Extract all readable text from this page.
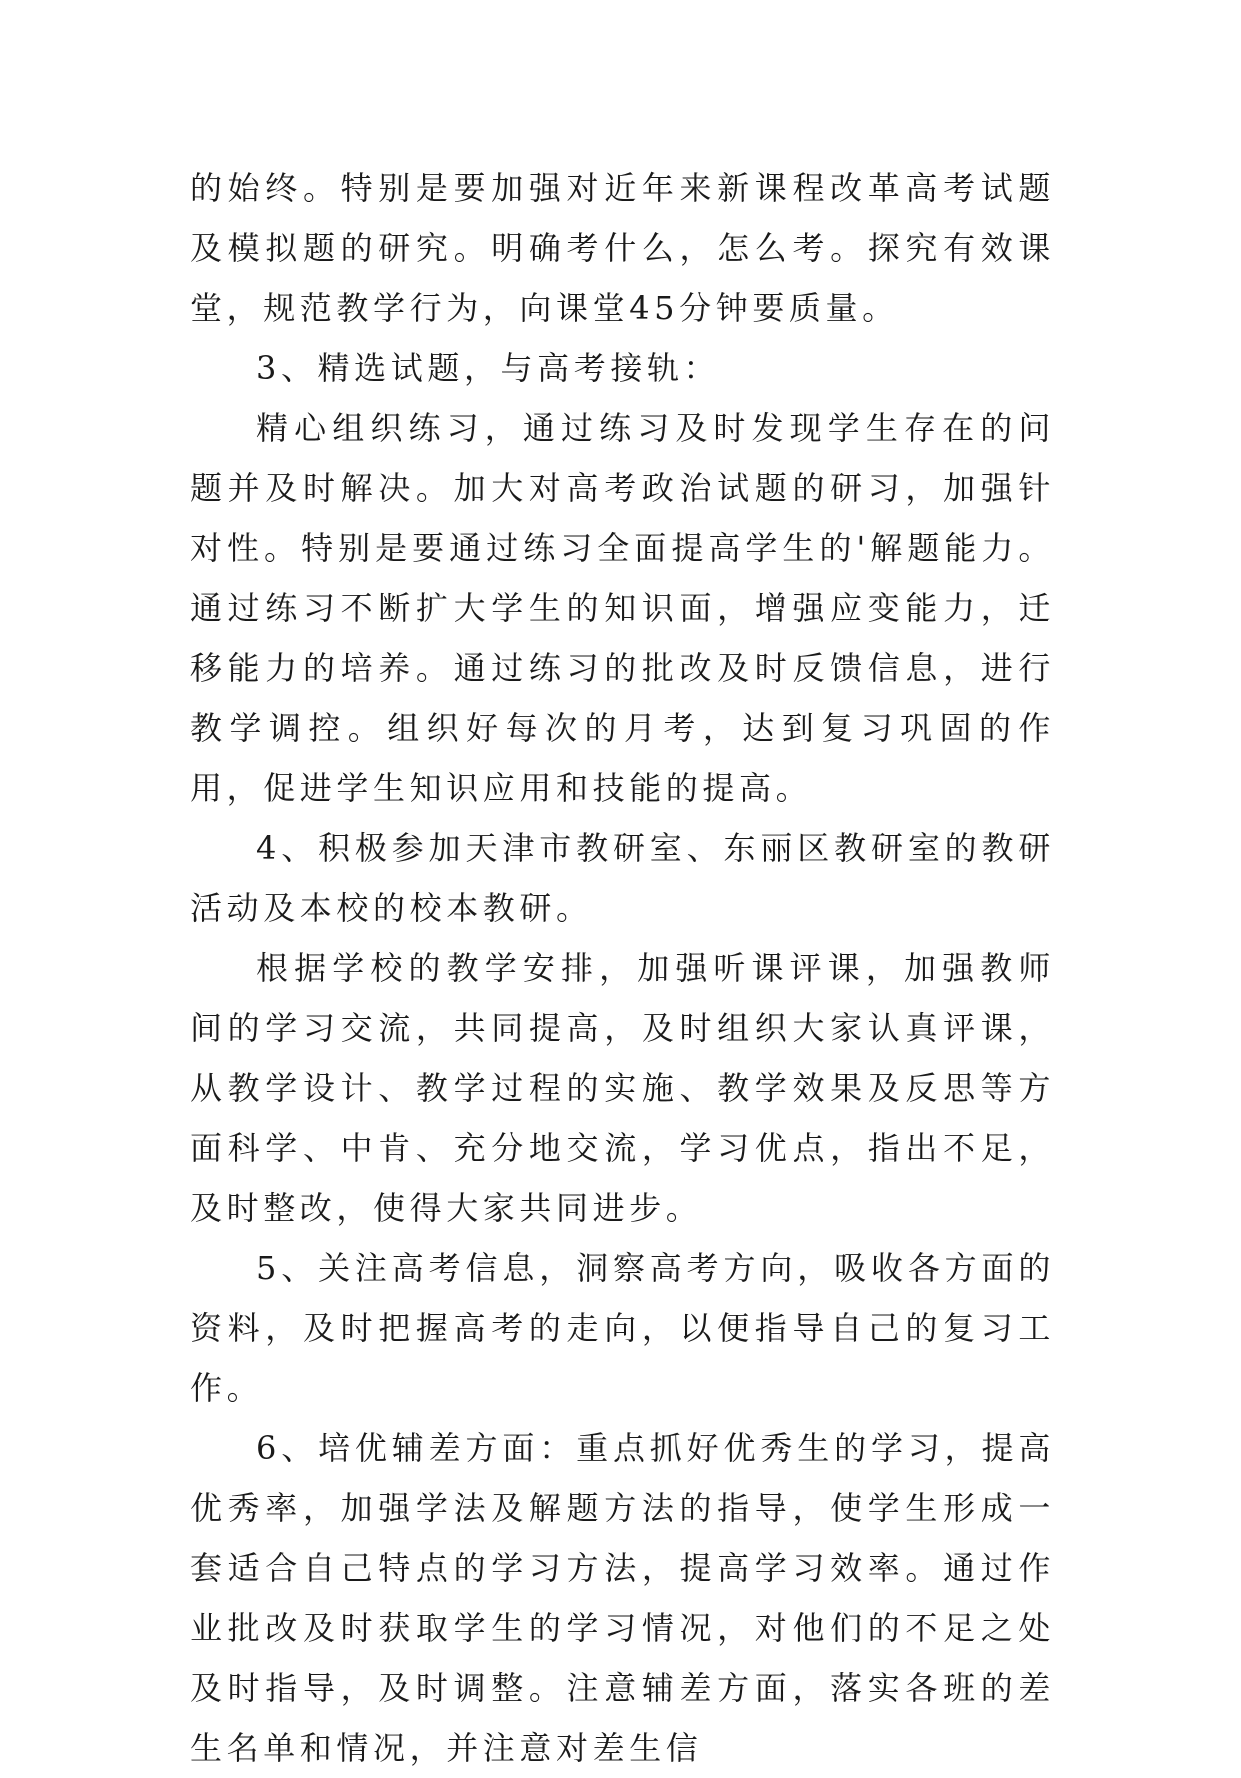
的始终。特别是要加强对近年来新课程改革高考试题及模拟题的研究。明确考什么，怎么考。探究有效课堂，规范教学行为，向课堂45分钟要质量。

3、精选试题，与高考接轨：

精心组织练习，通过练习及时发现学生存在的问题并及时解决。加大对高考政治试题的研习，加强针对性。特别是要通过练习全面提高学生的'解题能力。通过练习不断扩大学生的知识面，增强应变能力，迁移能力的培养。通过练习的批改及时反馈信息，进行教学调控。组织好每次的月考，达到复习巩固的作用，促进学生知识应用和技能的提高。

4、积极参加天津市教研室、东丽区教研室的教研活动及本校的校本教研。

根据学校的教学安排，加强听课评课，加强教师间的学习交流，共同提高，及时组织大家认真评课，从教学设计、教学过程的实施、教学效果及反思等方面科学、中肯、充分地交流，学习优点，指出不足，及时整改，使得大家共同进步。

5、关注高考信息，洞察高考方向，吸收各方面的资料，及时把握高考的走向，以便指导自己的复习工作。

6、培优辅差方面：重点抓好优秀生的学习，提高优秀率，加强学法及解题方法的指导，使学生形成一套适合自己特点的学习方法，提高学习效率。通过作业批改及时获取学生的学习情况，对他们的不足之处及时指导，及时调整。注意辅差方面，落实各班的差生名单和情况，并注意对差生信
